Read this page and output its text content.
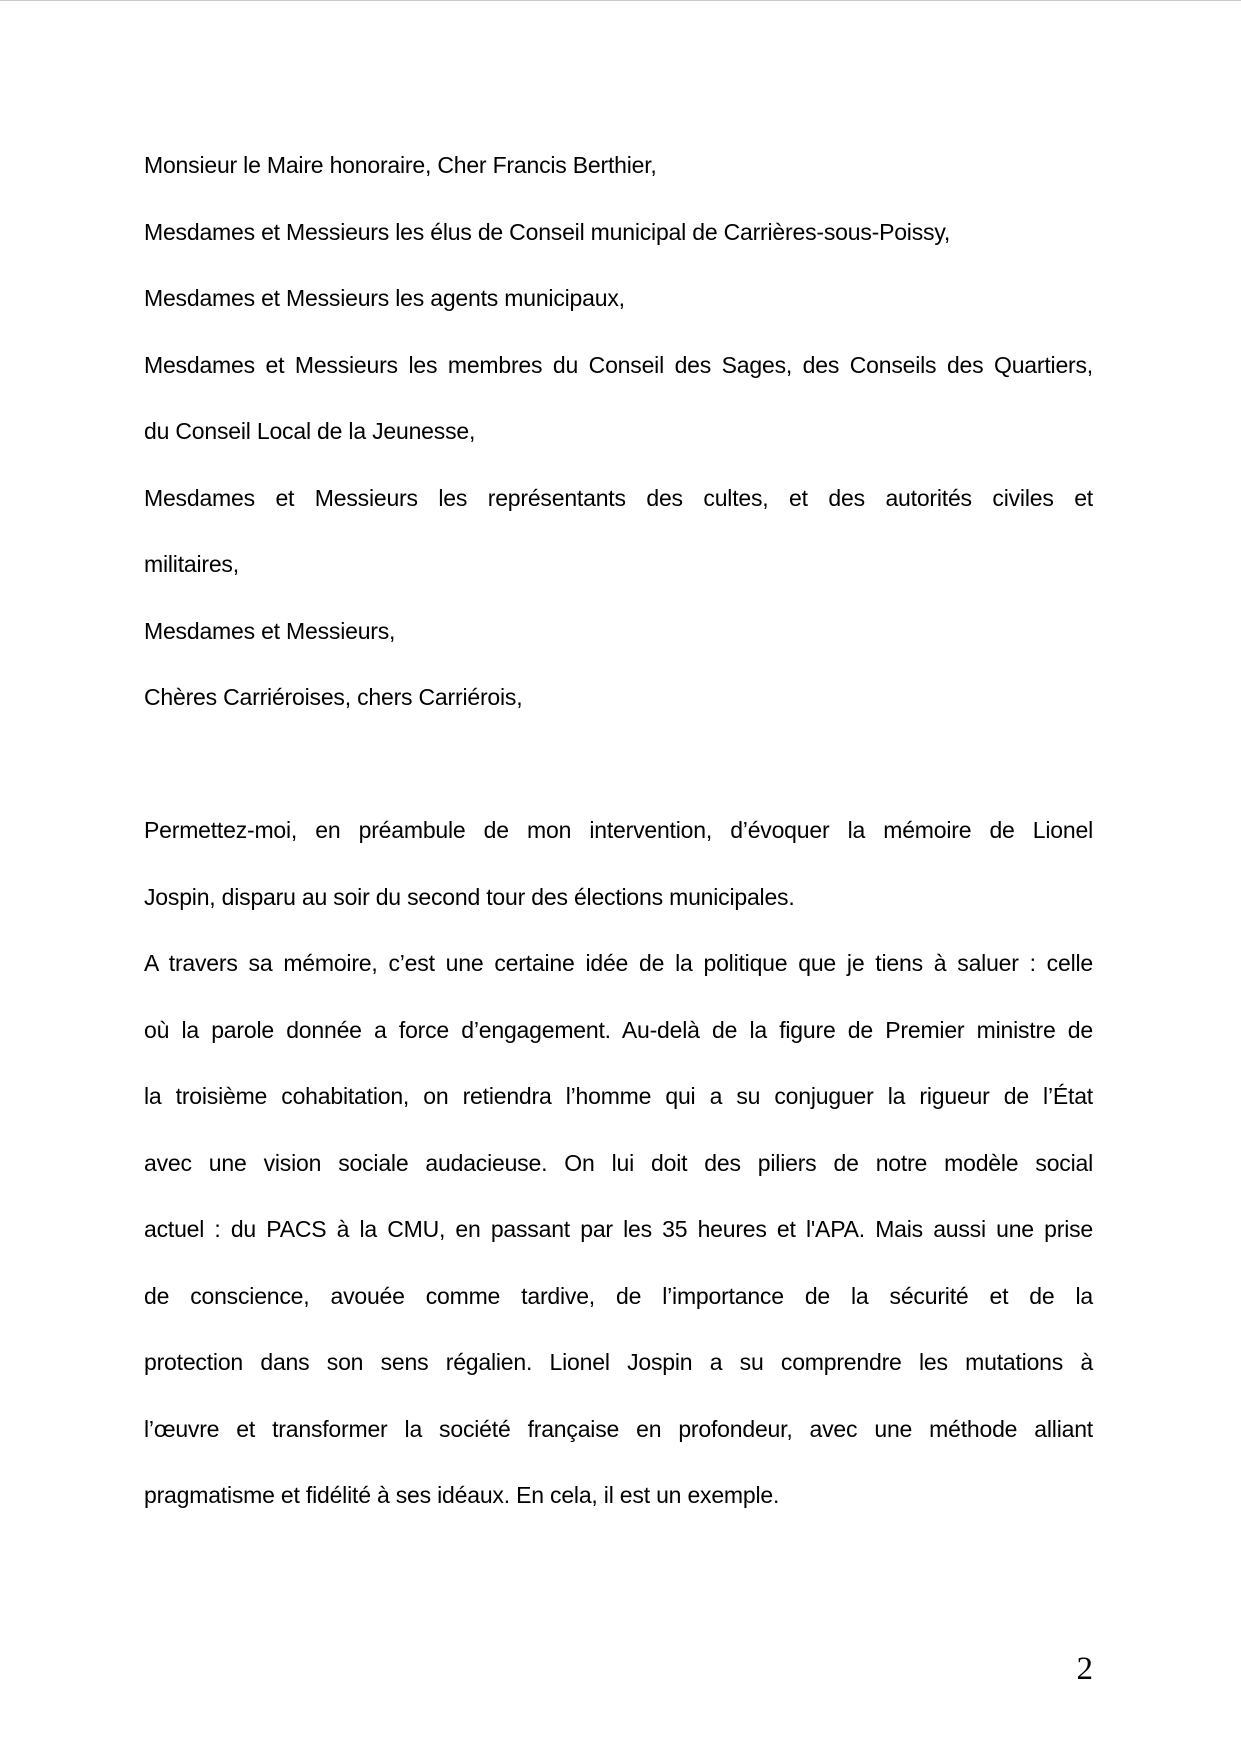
Monsieur le Maire honoraire, Cher Francis Berthier,
Mesdames et Messieurs les élus de Conseil municipal de Carrières-sous-Poissy,
Mesdames et Messieurs les agents municipaux,
Mesdames et Messieurs les membres du Conseil des Sages, des Conseils des Quartiers,
du Conseil Local de la Jeunesse,
Mesdames et Messieurs les représentants des cultes, et des autorités civiles et
militaires,
Mesdames et Messieurs,
Chères Carriéroises, chers Carriérois,
Permettez-moi, en préambule de mon intervention, d’évoquer la mémoire de Lionel
Jospin, disparu au soir du second tour des élections municipales.
A travers sa mémoire, c’est une certaine idée de la politique que je tiens à saluer : celle
où la parole donnée a force d’engagement. Au-delà de la figure de Premier ministre de
la troisième cohabitation, on retiendra l’homme qui a su conjuguer la rigueur de l’État
avec une vision sociale audacieuse. On lui doit des piliers de notre modèle social
actuel : du PACS à la CMU, en passant par les 35 heures et l'APA. Mais aussi une prise
de conscience, avouée comme tardive, de l’importance de la sécurité et de la
protection dans son sens régalien. Lionel Jospin a su comprendre les mutations à
l’œuvre et transformer la société française en profondeur, avec une méthode alliant
pragmatisme et fidélité à ses idéaux. En cela, il est un exemple.
2
